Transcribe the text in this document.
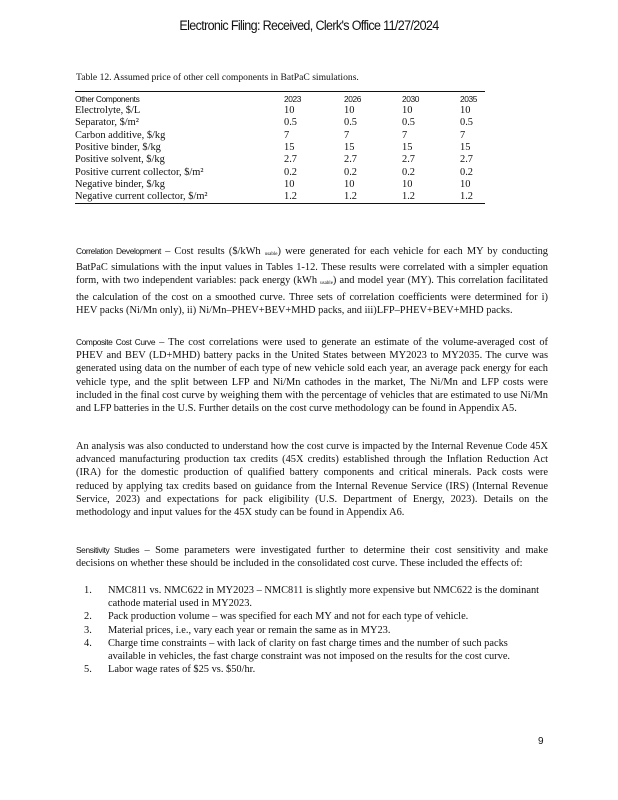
Electronic Filing: Received, Clerk's Office 11/27/2024
Table 12. Assumed price of other cell components in BatPaC simulations.
Other Components	2023	2026	2030	2035
Electrolyte, $/L	10	10	10	10
Separator, $/m²	0.5	0.5	0.5	0.5
Carbon additive, $/kg	7	7	7	7
Positive binder, $/kg	15	15	15	15
Positive solvent, $/kg	2.7	2.7	2.7	2.7
Positive current collector, $/m²	0.2	0.2	0.2	0.2
Negative binder, $/kg	10	10	10	10
Negative current collector, $/m²	1.2	1.2	1.2	1.2
Correlation Development – Cost results ($/kWh $_{usable}$) were generated for each vehicle for each MY by conducting BatPaC simulations with the input values in Tables 1-12. These results were correlated with a simpler equation form, with two independent variables: pack energy (kWh $_{usable}$) and model year (MY). This correlation facilitated the calculation of the cost on a smoothed curve. Three sets of correlation coefficients were determined for i) HEV packs (Ni/Mn only), ii) Ni/Mn–PHEV+BEV+MHD packs, and iii)LFP–PHEV+BEV+MHD packs.
Composite Cost Curve – The cost correlations were used to generate an estimate of the volume-averaged cost of PHEV and BEV (LD+MHD) battery packs in the United States between MY2023 to MY2035. The curve was generated using data on the number of each type of new vehicle sold each year, an average pack energy for each vehicle type, and the split between LFP and Ni/Mn cathodes in the market, The Ni/Mn and LFP costs were included in the final cost curve by weighing them with the percentage of vehicles that are estimated to use Ni/Mn and LFP batteries in the U.S. Further details on the cost curve methodology can be found in Appendix A5.
An analysis was also conducted to understand how the cost curve is impacted by the Internal Revenue Code 45X advanced manufacturing production tax credits (45X credits) established through the Inflation Reduction Act (IRA) for the domestic production of qualified battery components and critical minerals. Pack costs were reduced by applying tax credits based on guidance from the Internal Revenue Service (IRS) (Internal Revenue Service, 2023) and expectations for pack eligibility (U.S. Department of Energy, 2023). Details on the methodology and input values for the 45X study can be found in Appendix A6.
Sensitivity Studies – Some parameters were investigated further to determine their cost sensitivity and make decisions on whether these should be included in the consolidated cost curve. These included the effects of:
1. NMC811 vs. NMC622 in MY2023 – NMC811 is slightly more expensive but NMC622 is the dominant cathode material used in MY2023.
2. Pack production volume – was specified for each MY and not for each type of vehicle.
3. Material prices, i.e., vary each year or remain the same as in MY23.
4. Charge time constraints – with lack of clarity on fast charge times and the number of such packs available in vehicles, the fast charge constraint was not imposed on the results for the cost curve.
5. Labor wage rates of $25 vs. $50/hr.
9
